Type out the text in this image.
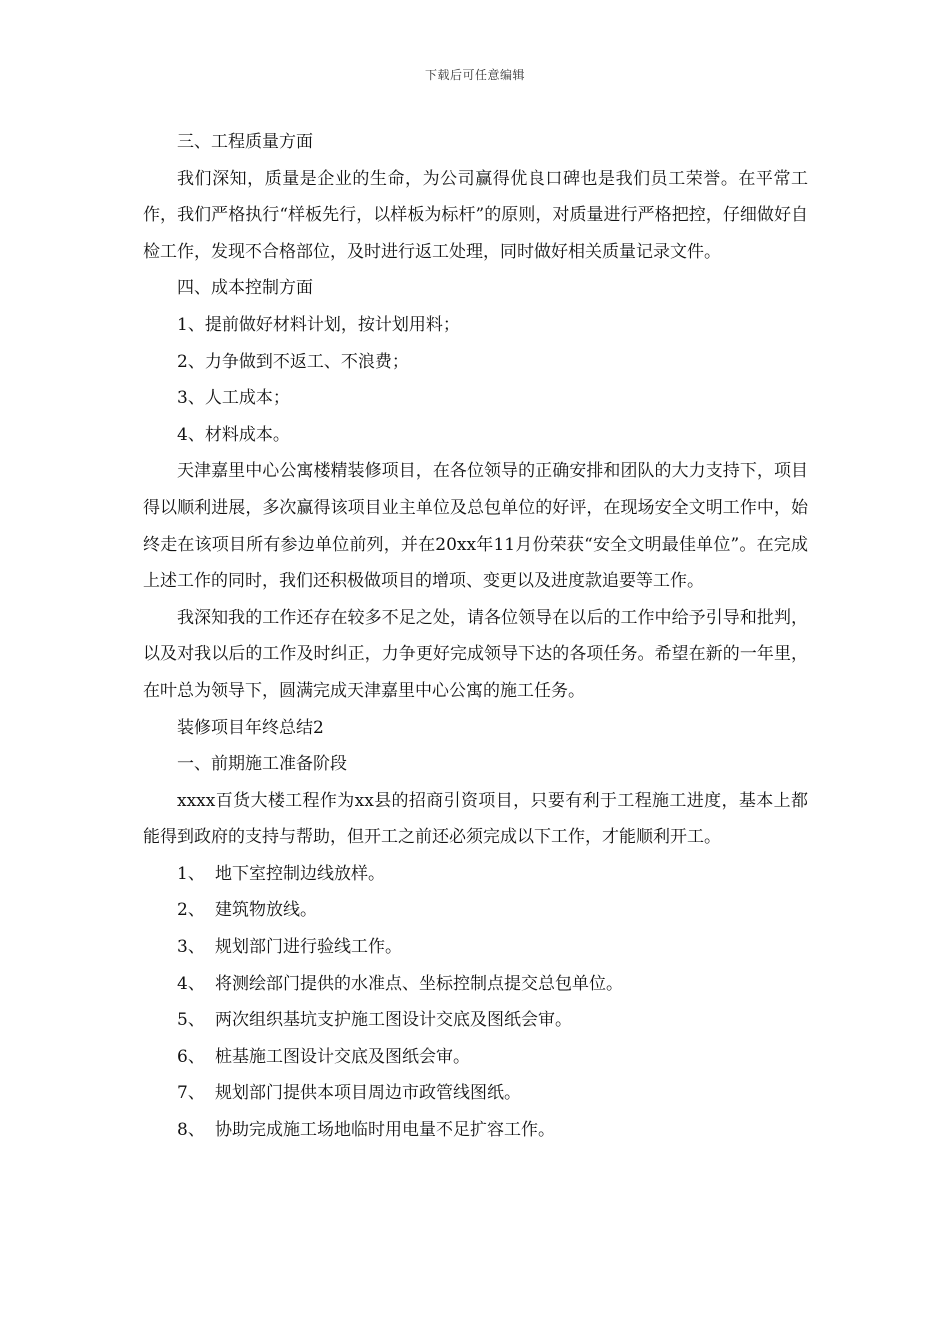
下载后可任意编辑

三、工程质量方面

我们深知，质量是企业的生命，为公司赢得优良口碑也是我们员工荣誉。在平常工作，我们严格执行“样板先行，以样板为标杆”的原则，对质量进行严格把控，仔细做好自检工作，发现不合格部位，及时进行返工处理，同时做好相关质量记录文件。

四、成本控制方面

1、提前做好材料计划，按计划用料；

2、力争做到不返工、不浪费；

3、人工成本；

4、材料成本。

天津嘉里中心公寓楼精装修项目，在各位领导的正确安排和团队的大力支持下，项目得以顺利进展，多次赢得该项目业主单位及总包单位的好评，在现场安全文明工作中，始终走在该项目所有参边单位前列，并在20xx年11月份荣获“安全文明最佳单位”。在完成上述工作的同时，我们还积极做项目的增项、变更以及进度款追要等工作。

我深知我的工作还存在较多不足之处，请各位领导在以后的工作中给予引导和批判，以及对我以后的工作及时纠正，力争更好完成领导下达的各项任务。希望在新的一年里，在叶总为领导下，圆满完成天津嘉里中心公寓的施工任务。

装修项目年终总结2

一、前期施工准备阶段

xxxx百货大楼工程作为xx县的招商引资项目，只要有利于工程施工进度，基本上都能得到政府的支持与帮助，但开工之前还必须完成以下工作，才能顺利开工。

1、 地下室控制边线放样。

2、 建筑物放线。

3、 规划部门进行验线工作。

4、 将测绘部门提供的水准点、坐标控制点提交总包单位。

5、 两次组织基坑支护施工图设计交底及图纸会审。

6、 桩基施工图设计交底及图纸会审。

7、 规划部门提供本项目周边市政管线图纸。

8、 协助完成施工场地临时用电量不足扩容工作。
